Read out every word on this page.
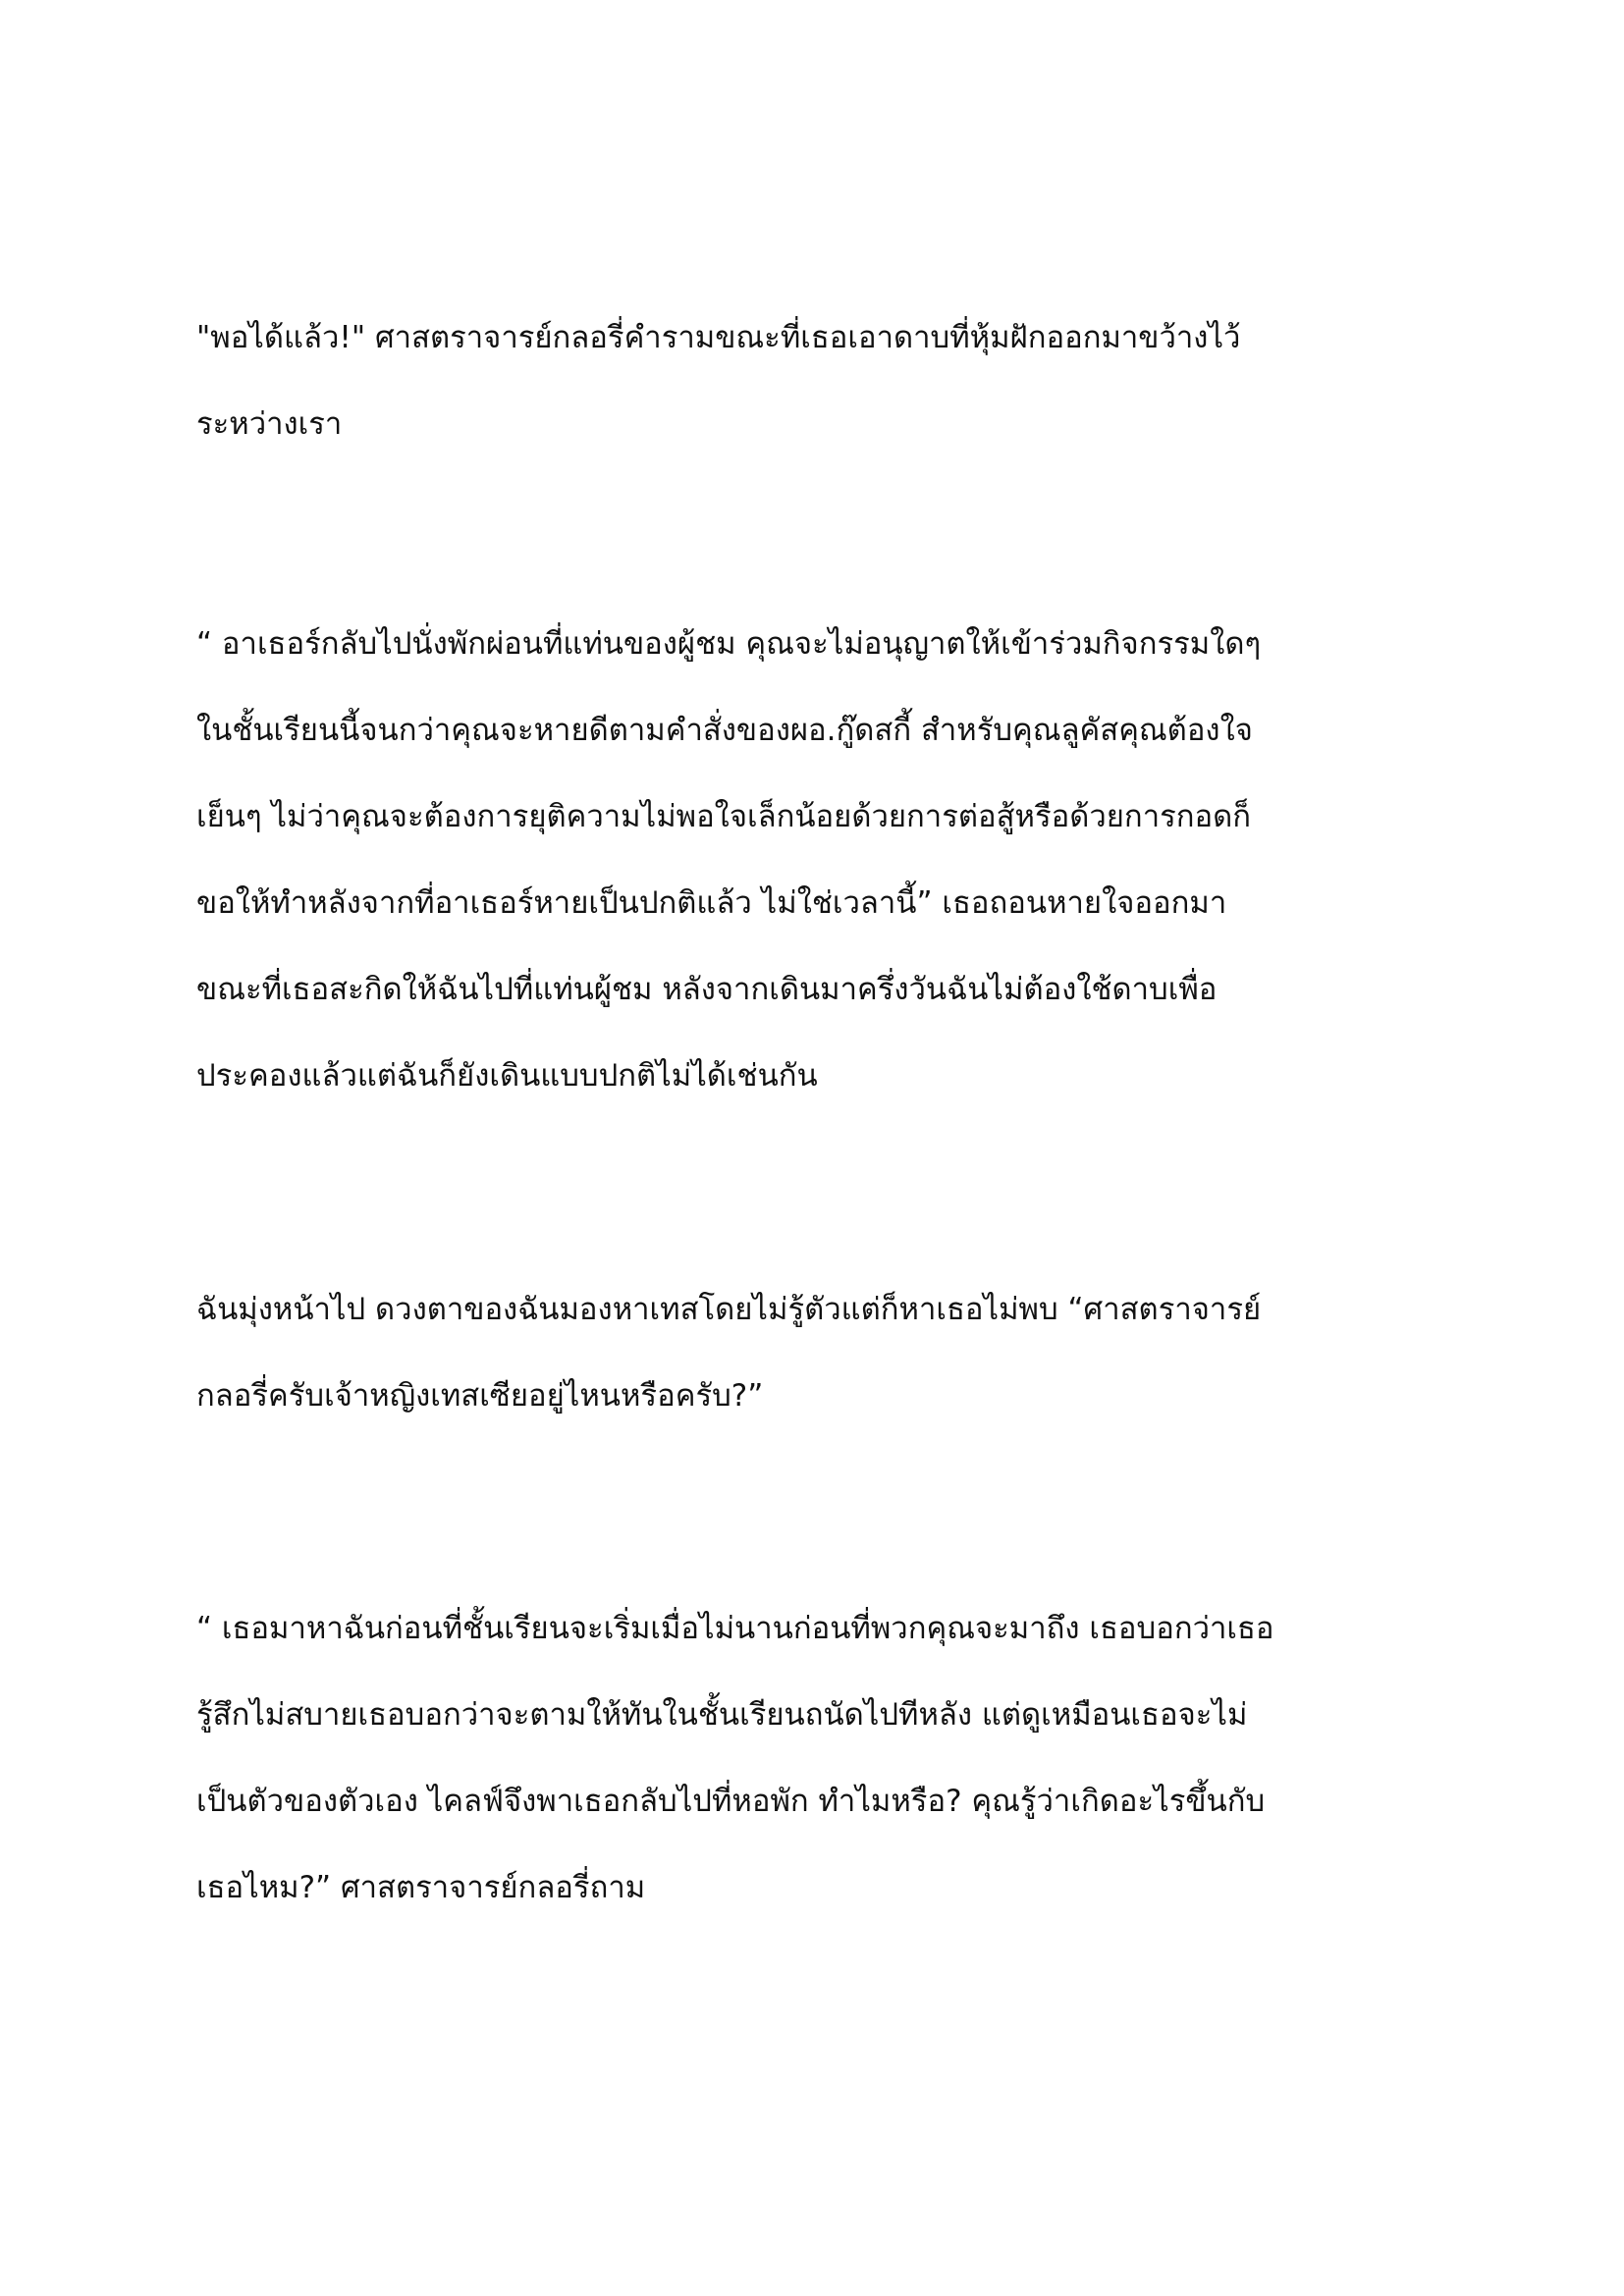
"พอได้แล้ว!" ศาสตราจารย์กลอรี่คำรามขณะที่เธอเอาดาบที่หุ้มฝักออกมาขว้างไว้
ระหว่างเรา

“ อาเธอร์กลับไปนั่งพักผ่อนที่แท่นของผู้ชม คุณจะไม่อนุญาตให้เข้าร่วมกิจกรรมใดๆ
ในชั้นเรียนนี้จนกว่าคุณจะหายดีตามคำสั่งของผอ.กู๊ดสกี้ สำหรับคุณลูคัสคุณต้องใจ
เย็นๆ ไม่ว่าคุณจะต้องการยุติความไม่พอใจเล็กน้อยด้วยการต่อสู้หรือด้วยการกอดก็
ขอให้ทำหลังจากที่อาเธอร์หายเป็นปกติแล้ว ไม่ใช่เวลานี้” เธอถอนหายใจออกมา
ขณะที่เธอสะกิดให้ฉันไปที่แท่นผู้ชม หลังจากเดินมาครึ่งวันฉันไม่ต้องใช้ดาบเพื่อ
ประคองแล้วแต่ฉันก็ยังเดินแบบปกติไม่ได้เช่นกัน

ฉันมุ่งหน้าไป ดวงตาของฉันมองหาเทสโดยไม่รู้ตัวแต่ก็หาเธอไม่พบ “ศาสตราจารย์
กลอรี่ครับเจ้าหญิงเทสเซียอยู่ไหนหรือครับ?”

“ เธอมาหาฉันก่อนที่ชั้นเรียนจะเริ่มเมื่อไม่นานก่อนที่พวกคุณจะมาถึง เธอบอกว่าเธอ
รู้สึกไม่สบายเธอบอกว่าจะตามให้ทันในชั้นเรียนถนัดไปทีหลัง แต่ดูเหมือนเธอจะไม่
เป็นตัวของตัวเอง ไคลฟ์จึงพาเธอกลับไปที่หอพัก ทำไมหรือ? คุณรู้ว่าเกิดอะไรขึ้นกับ
เธอไหม?” ศาสตราจารย์กลอรี่ถาม
